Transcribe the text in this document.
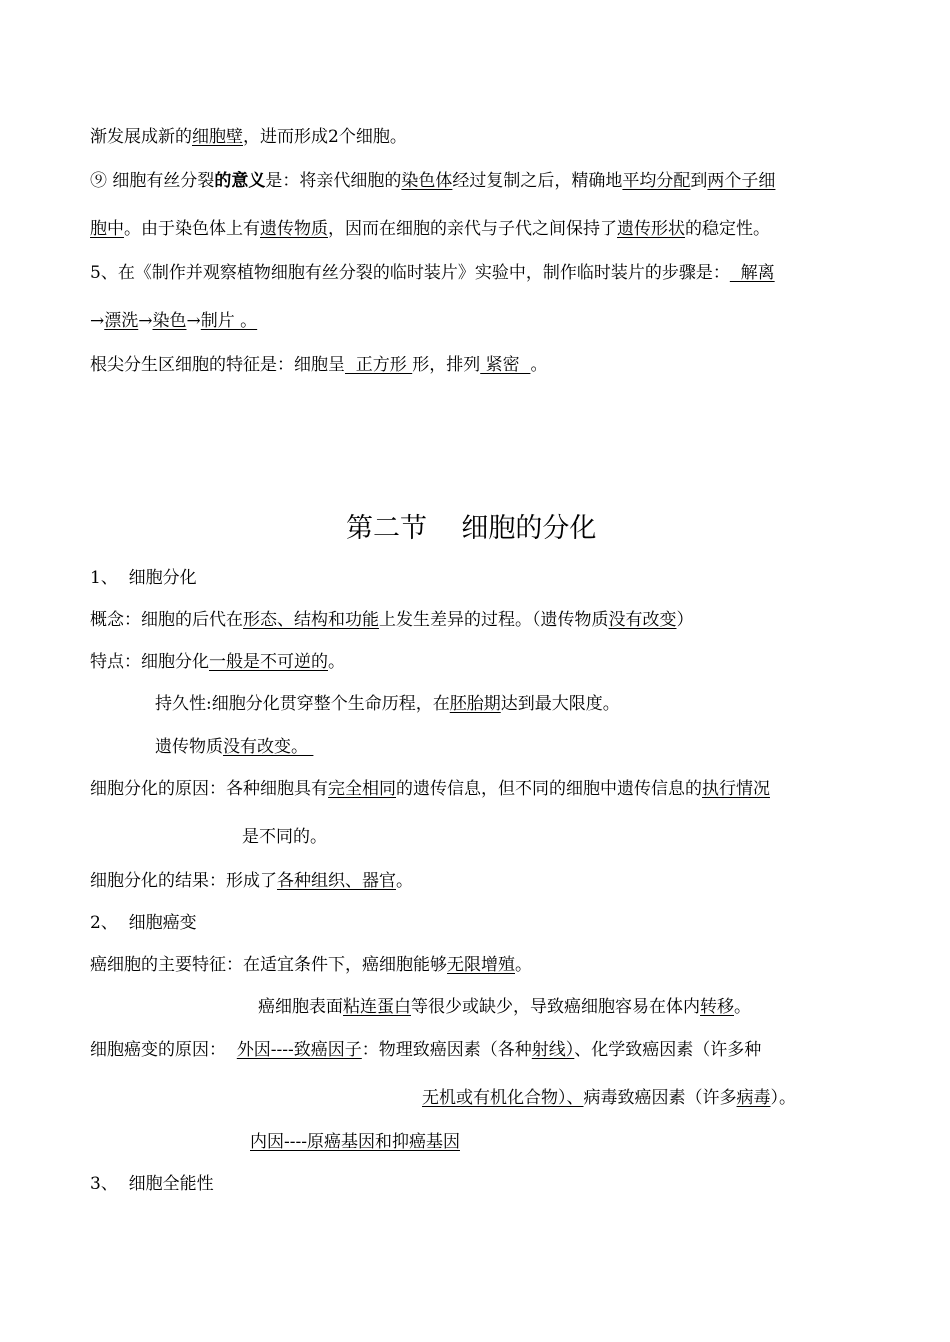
渐发展成新的细胞壁，进而形成2个细胞。
⑨ 细胞有丝分裂的意义是：将亲代细胞的染色体经过复制之后，精确地平均分配到两个子细
胞中。由于染色体上有遗传物质，因而在细胞的亲代与子代之间保持了遗传形状的稳定性。
5、在《制作并观察植物细胞有丝分裂的临时装片》实验中，制作临时装片的步骤是：  解离
→漂洗→染色→制片 。
根尖分生区细胞的特征是：细胞呈  正方形 形，排列 紧密  。
第二节    细胞的分化
1、  细胞分化
概念：细胞的后代在形态、结构和功能上发生差异的过程。（遗传物质没有改变）
特点：细胞分化一般是不可逆的。
持久性:细胞分化贯穿整个生命历程，在胚胎期达到最大限度。
遗传物质没有改变。
细胞分化的原因：各种细胞具有完全相同的遗传信息，但不同的细胞中遗传信息的执行情况
是不同的。
细胞分化的结果：形成了各种组织、器官。
2、  细胞癌变
癌细胞的主要特征：在适宜条件下，癌细胞能够无限增殖。
癌细胞表面粘连蛋白等很少或缺少，导致癌细胞容易在体内转移。
细胞癌变的原因：  外因----致癌因子：物理致癌因素（各种射线）、化学致癌因素（许多种
无机或有机化合物）、病毒致癌因素（许多病毒）。
内因----原癌基因和抑癌基因
3、  细胞全能性
